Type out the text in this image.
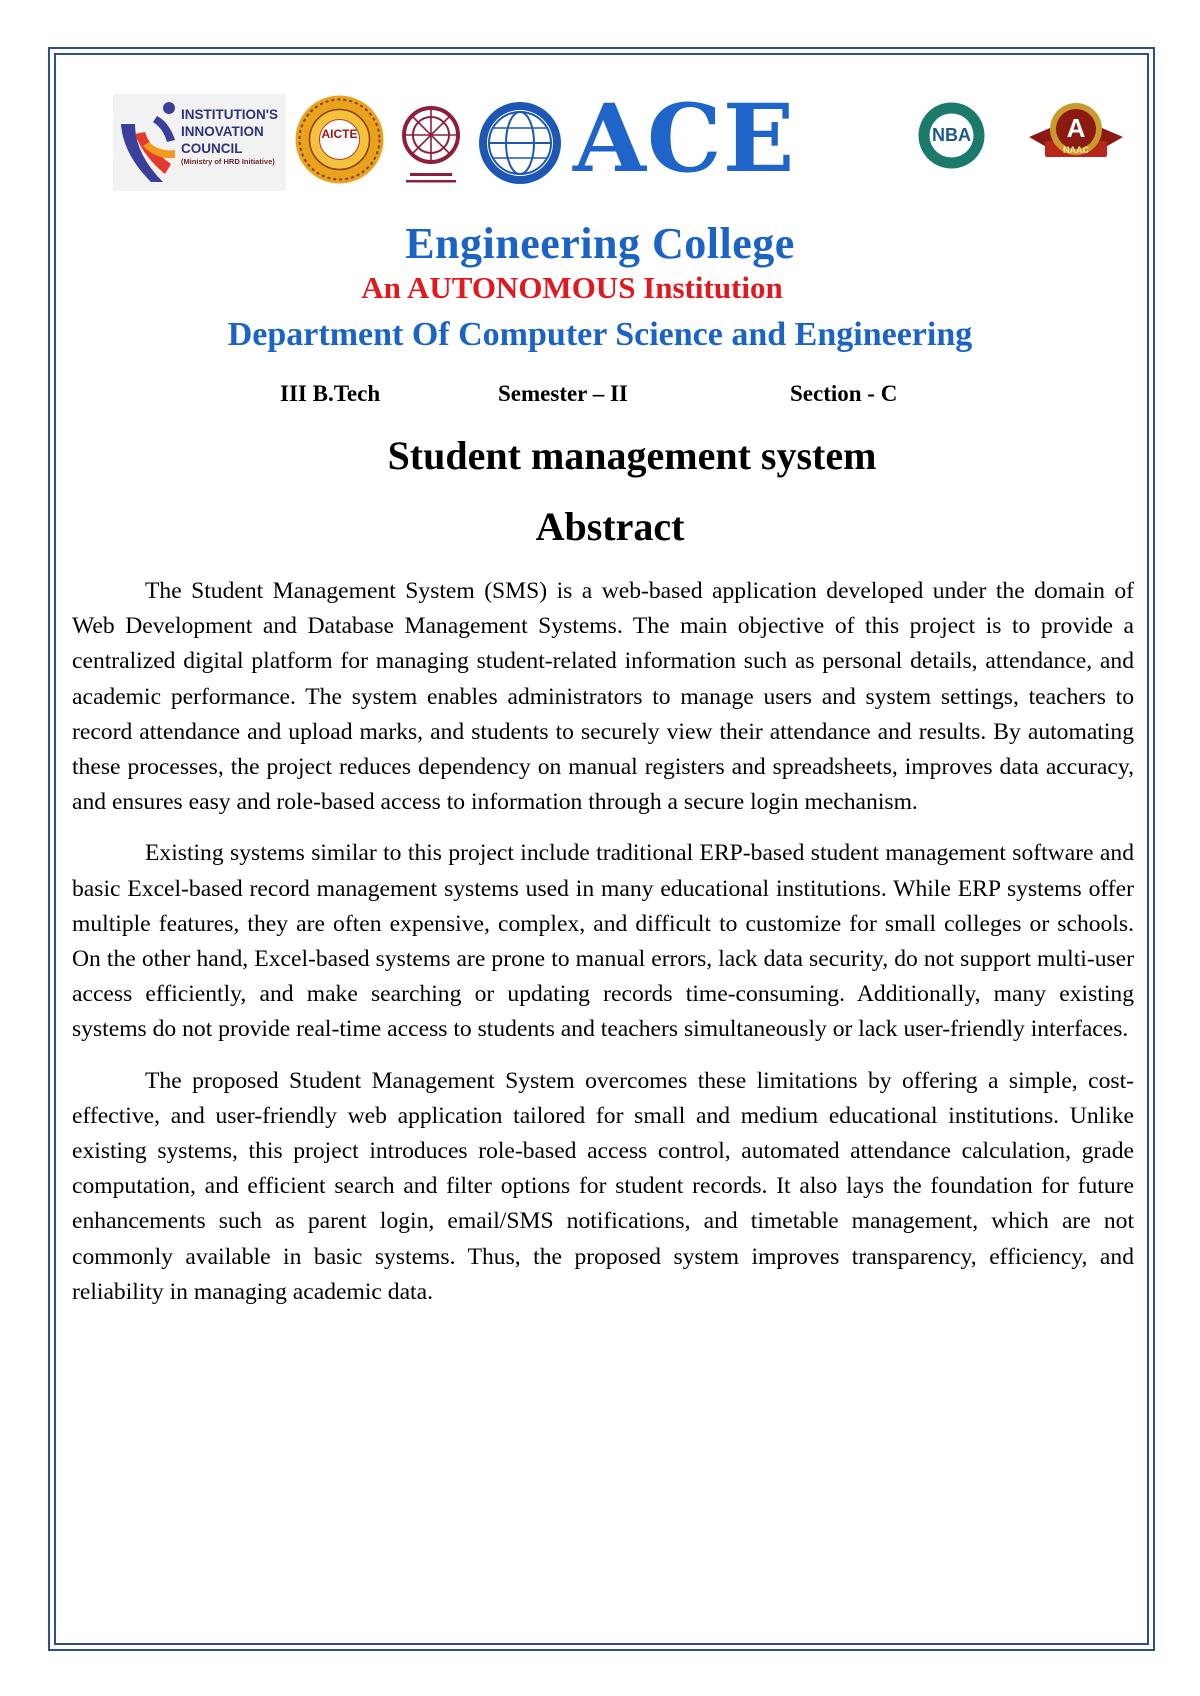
INSTITUTION'S
INNOVATION
COUNCIL
(Ministry of HRD Initiative)
AICTE ACE	NBA	A
NAAC
Engineering College
An AUTONOMOUS Institution
Department Of Computer Science and Engineering
III B.Tech	Semester – II	Section - C
Student management system
Abstract

The Student Management System (SMS) is a web-based application developed under the domain of Web Development and Database Management Systems. The main objective of this project is to provide a centralized digital platform for managing student-related information such as personal details, attendance, and academic performance. The system enables administrators to manage users and system settings, teachers to record attendance and upload marks, and students to securely view their attendance and results. By automating these processes, the project reduces dependency on manual registers and spreadsheets, improves data accuracy, and ensures easy and role-based access to information through a secure login mechanism.

Existing systems similar to this project include traditional ERP-based student management software and basic Excel-based record management systems used in many educational institutions. While ERP systems offer multiple features, they are often expensive, complex, and difficult to customize for small colleges or schools. On the other hand, Excel-based systems are prone to manual errors, lack data security, do not support multi-user access efficiently, and make searching or updating records time-consuming. Additionally, many existing systems do not provide real-time access to students and teachers simultaneously or lack user-friendly interfaces.

The proposed Student Management System overcomes these limitations by offering a simple, cost-effective, and user-friendly web application tailored for small and medium educational institutions. Unlike existing systems, this project introduces role-based access control, automated attendance calculation, grade computation, and efficient search and filter options for student records. It also lays the foundation for future enhancements such as parent login, email/SMS notifications, and timetable management, which are not commonly available in basic systems. Thus, the proposed system improves transparency, efficiency, and reliability in managing academic data.
